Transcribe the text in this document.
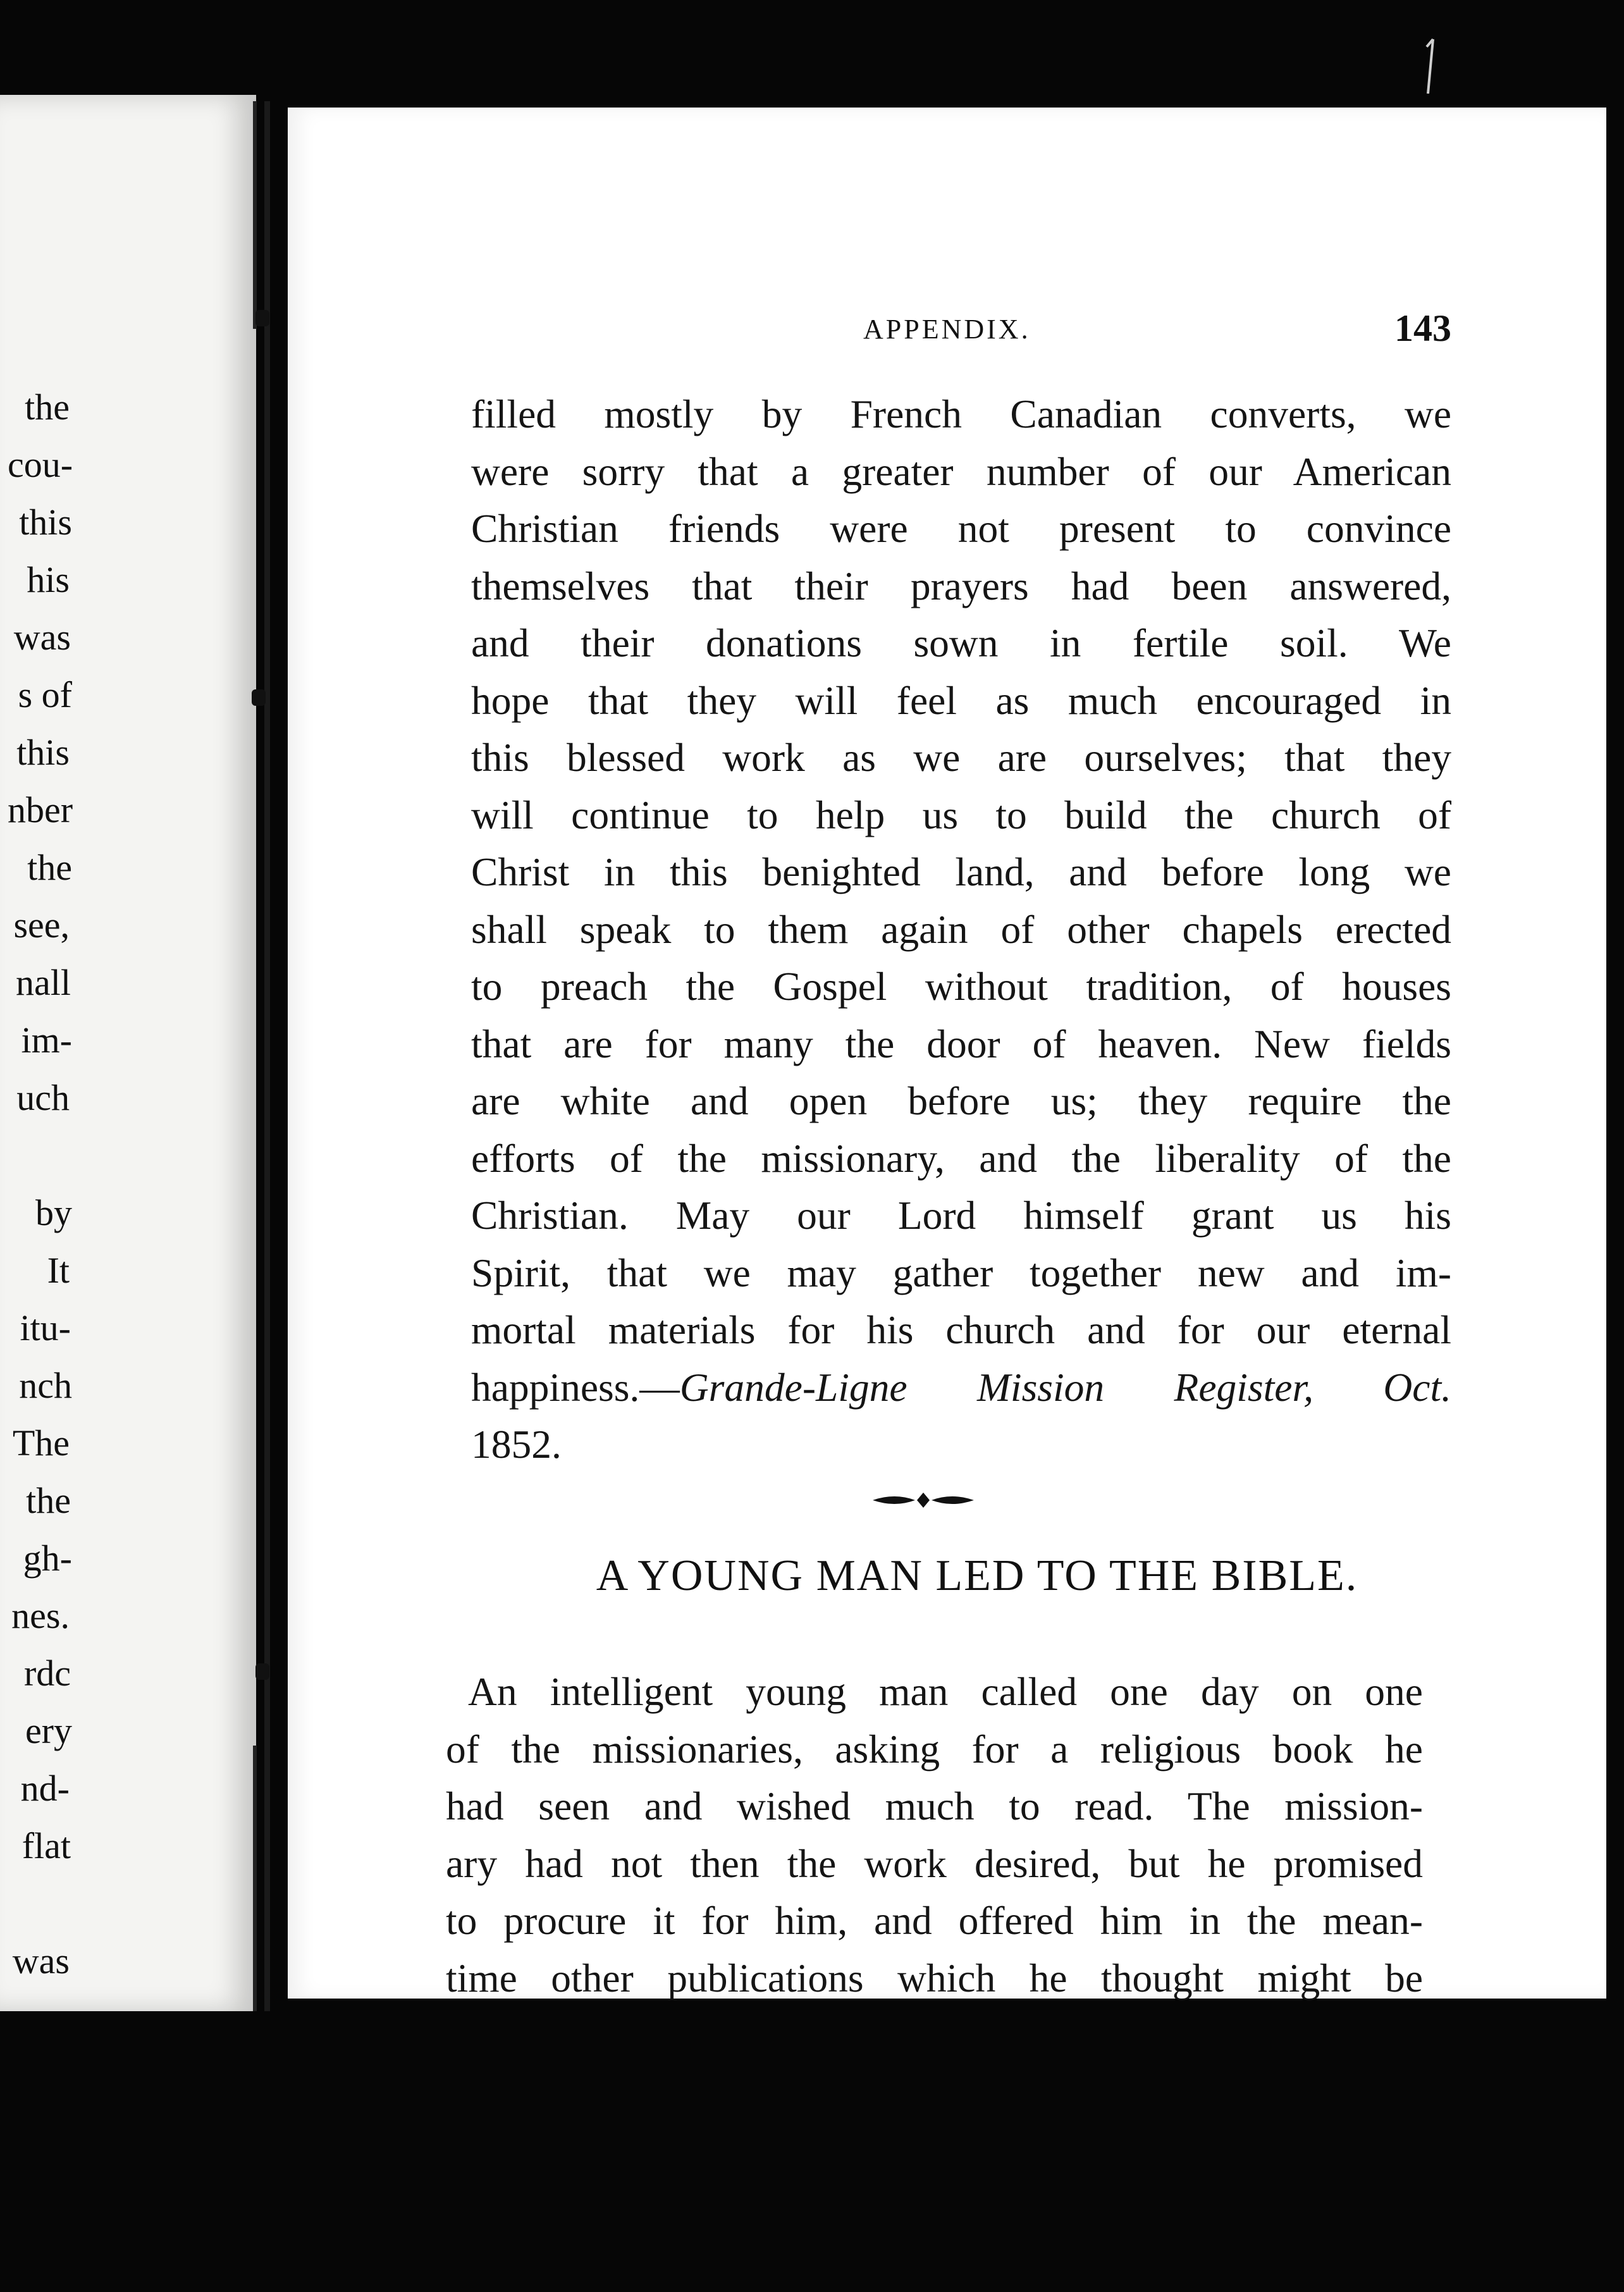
the
cou-
this
his
was
s of
this
nber
the
see,
nall
im-
uch
by
It
itu-
nch
The
the
gh-
nes.
rdc
ery
nd-
flat
was
APPENDIX.	143
filled mostly by French Canadian converts, we
were sorry that a greater number of our American
Christian friends were not present to convince
themselves that their prayers had been answered,
and their donations sown in fertile soil. We
hope that they will feel as much encouraged in
this blessed work as we are ourselves; that they
will continue to help us to build the church of
Christ in this benighted land, and before long we
shall speak to them again of other chapels erected
to preach the Gospel without tradition, of houses
that are for many the door of heaven. New fields
are white and open before us; they require the
efforts of the missionary, and the liberality of the
Christian. May our Lord himself grant us his
Spirit, that we may gather together new and im-
mortal materials for his church and for our eternal
happiness.—Grande-Ligne Mission Register, Oct.
1852.
A YOUNG MAN LED TO THE BIBLE.
An intelligent young man called one day on one
of the missionaries, asking for a religious book he
had seen and wished much to read. The mission-
ary had not then the work desired, but he promised
to procure it for him, and offered him in the mean-
time other publications which he thought might be
